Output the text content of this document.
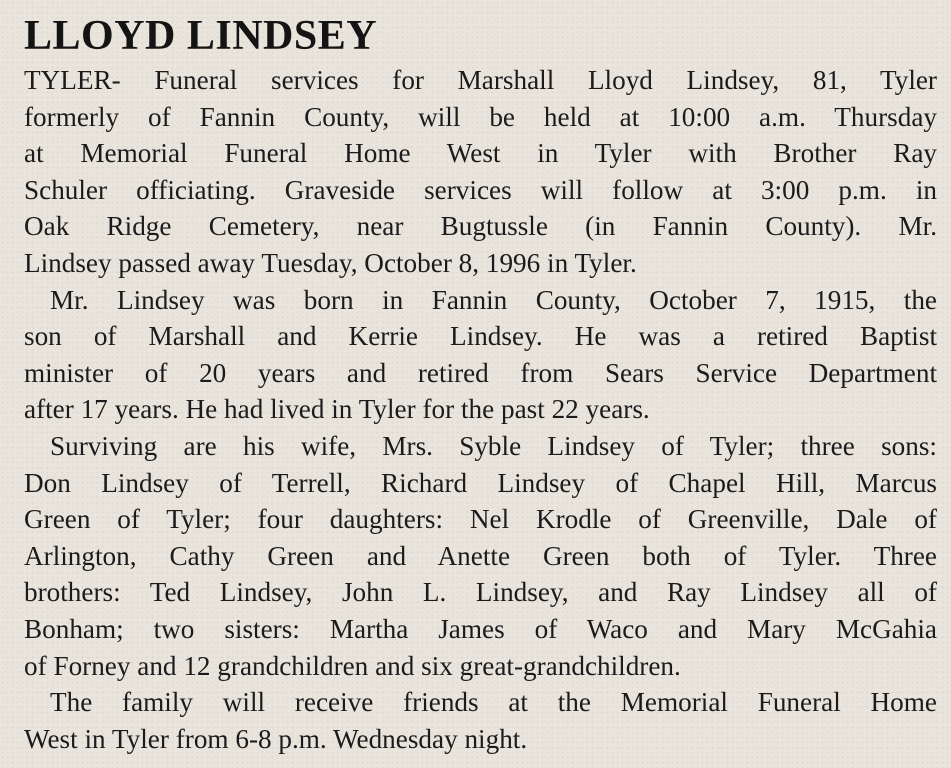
LLOYD LINDSEY
TYLER- Funeral services for Marshall Lloyd Lindsey, 81, Tyler
formerly of Fannin County, will be held at 10:00 a.m. Thursday
at Memorial Funeral Home West in Tyler with Brother Ray
Schuler officiating. Graveside services will follow at 3:00 p.m. in
Oak Ridge Cemetery, near Bugtussle (in Fannin County). Mr.
Lindsey passed away Tuesday, October 8, 1996 in Tyler.
Mr. Lindsey was born in Fannin County, October 7, 1915, the
son of Marshall and Kerrie Lindsey. He was a retired Baptist
minister of 20 years and retired from Sears Service Department
after 17 years. He had lived in Tyler for the past 22 years.
Surviving are his wife, Mrs. Syble Lindsey of Tyler; three sons:
Don Lindsey of Terrell, Richard Lindsey of Chapel Hill, Marcus
Green of Tyler; four daughters: Nel Krodle of Greenville, Dale of
Arlington, Cathy Green and Anette Green both of Tyler. Three
brothers: Ted Lindsey, John L. Lindsey, and Ray Lindsey all of
Bonham; two sisters: Martha James of Waco and Mary McGahia
of Forney and 12 grandchildren and six great-grandchildren.
The family will receive friends at the Memorial Funeral Home
West in Tyler from 6-8 p.m. Wednesday night.
